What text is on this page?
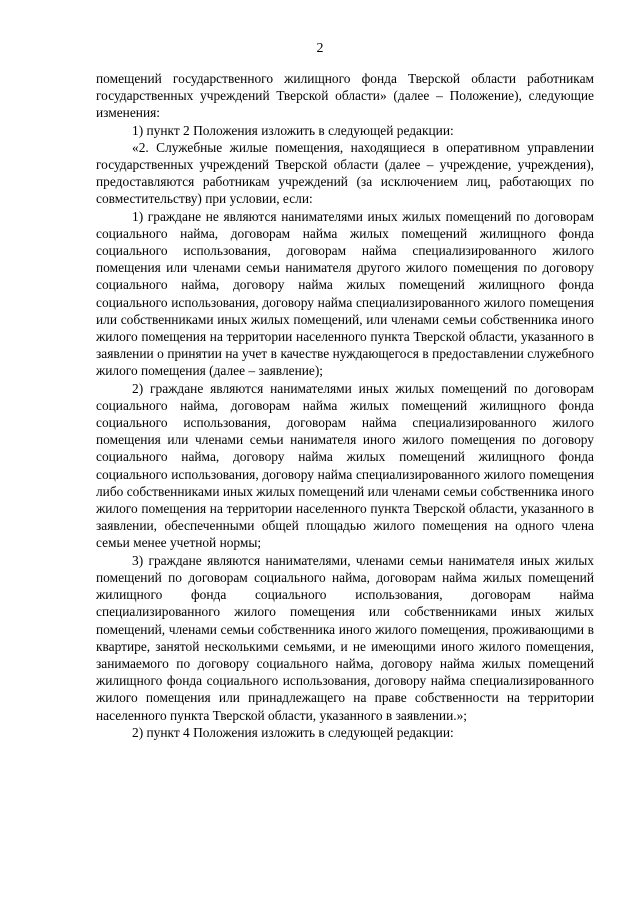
2

помещений государственного жилищного фонда Тверской области работникам государственных учреждений Тверской области» (далее – Положение), следующие изменения:

1) пункт 2 Положения изложить в следующей редакции:

«2. Служебные жилые помещения, находящиеся в оперативном управлении государственных учреждений Тверской области (далее – учреждение, учреждения), предоставляются работникам учреждений (за исключением лиц, работающих по совместительству) при условии, если:

1) граждане не являются нанимателями иных жилых помещений по договорам социального найма, договорам найма жилых помещений жилищного фонда социального использования, договорам найма специализированного жилого помещения или членами семьи нанимателя другого жилого помещения по договору социального найма, договору найма жилых помещений жилищного фонда социального использования, договору найма специализированного жилого помещения или собственниками иных жилых помещений, или членами семьи собственника иного жилого помещения на территории населенного пункта Тверской области, указанного в заявлении о принятии на учет в качестве нуждающегося в предоставлении служебного жилого помещения (далее – заявление);

2) граждане являются нанимателями иных жилых помещений по договорам социального найма, договорам найма жилых помещений жилищного фонда социального использования, договорам найма специализированного жилого помещения или членами семьи нанимателя иного жилого помещения по договору социального найма, договору найма жилых помещений жилищного фонда социального использования, договору найма специализированного жилого помещения либо собственниками иных жилых помещений или членами семьи собственника иного жилого помещения на территории населенного пункта Тверской области, указанного в заявлении, обеспеченными общей площадью жилого помещения на одного члена семьи менее учетной нормы;

3) граждане являются нанимателями, членами семьи нанимателя иных жилых помещений по договорам социального найма, договорам найма жилых помещений жилищного фонда социального использования, договорам найма специализированного жилого помещения или собственниками иных жилых помещений, членами семьи собственника иного жилого помещения, проживающими в квартире, занятой несколькими семьями, и не имеющими иного жилого помещения, занимаемого по договору социального найма, договору найма жилых помещений жилищного фонда социального использования, договору найма специализированного жилого помещения или принадлежащего на праве собственности на территории населенного пункта Тверской области, указанного в заявлении.»;

2) пункт 4 Положения изложить в следующей редакции:
